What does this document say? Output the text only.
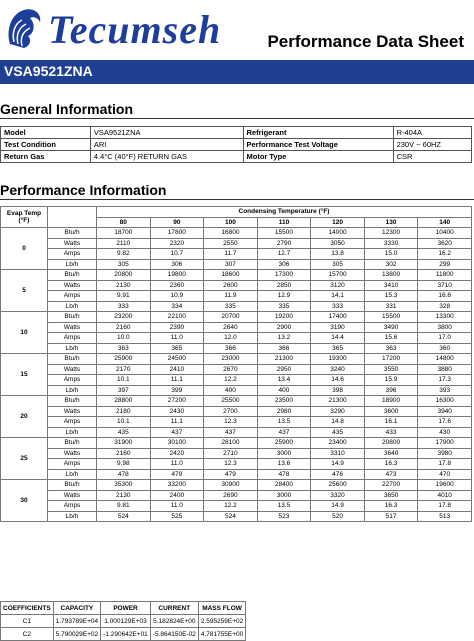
Tecumseh	Performance Data Sheet
VSA9521ZNA
General Information
Model	VSA9521ZNA	Refrigerant	R-404A
Test Condition	ARI	Performance Test Voltage	230V ~ 60HZ
Return Gas	4.4°C (40°F) RETURN GAS	Motor Type	CSR
Performance Information
Evap Temp (°F)		Condensing Temperature (°F)						
		80	90	100	110	120	130	140
0	Btu/h	18700	17800	16800	15500	14000	12300	10400
	Watts	2110	2320	2550	2790	3050	3330	3620
	Amps	9.82	10.7	11.7	12.7	13.8	15.0	16.2
	Lb/h	305	306	307	306	305	302	299
5	Btu/h	20800	19800	18600	17300	15700	13800	11800
	Watts	2130	2360	2600	2850	3120	3410	3710
	Amps	9.91	10.9	11.9	12.9	14.1	15.3	16.6
	Lb/h	333	334	335	335	333	331	328
10	Btu/h	23200	22100	20700	19200	17400	15500	13300
	Watts	2160	2390	2640	2900	3190	3490	3800
	Amps	10.0	11.0	12.0	13.2	14.4	15.6	17.0
	Lb/h	363	365	366	366	365	363	360
15	Btu/h	25900	24500	23000	21300	19300	17200	14800
	Watts	2170	2410	2670	2950	3240	3550	3880
	Amps	10.1	11.1	12.2	13.4	14.6	15.9	17.3
	Lb/h	397	399	400	400	398	396	393
20	Btu/h	28800	27200	25500	23500	21300	18900	16300
	Watts	2180	2430	2700	2980	3290	3600	3940
	Amps	10.1	11.1	12.3	13.5	14.8	16.1	17.6
	Lb/h	435	437	437	437	435	433	430
25	Btu/h	31900	30100	28100	25900	23400	20800	17900
	Watts	2160	2420	2710	3000	3310	3640	3980
	Amps	9.98	11.0	12.3	13.6	14.9	16.3	17.8
	Lb/h	478	479	479	478	476	473	470
30	Btu/h	35300	33200	30900	28400	25600	22700	19600
	Watts	2130	2400	2690	3000	3320	3650	4010
	Amps	9.81	11.0	12.2	13.5	14.9	16.3	17.8
	Lb/h	524	525	524	523	520	517	513
COEFFICIENTS	CAPACITY	POWER	CURRENT	MASS FLOW
C1	1.793789E+04	1.000129E+03	5.182824E+00	2.595259E+02
C2	5.790029E+02	-1.290642E+01	-5.864150E-02	4.781755E+00
